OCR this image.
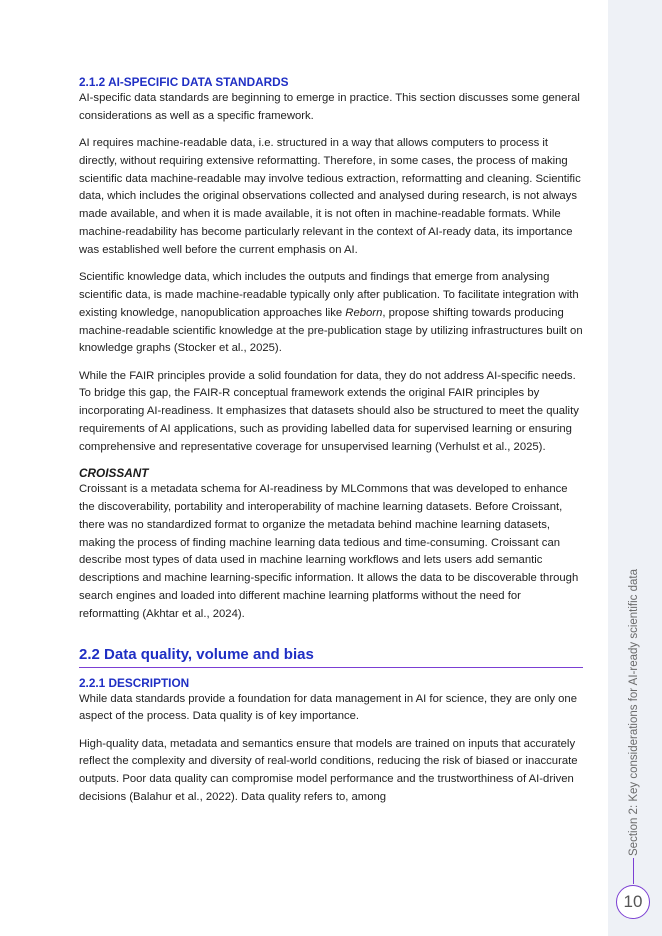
Section 2: Key considerations for AI-ready scientific data
10
2.1.2 AI-SPECIFIC DATA STANDARDS

AI-specific data standards are beginning to emerge in practice. This section discusses some general considerations as well as a specific framework.

AI requires machine-readable data, i.e. structured in a way that allows computers to process it directly, without requiring extensive reformatting. Therefore, in some cases, the process of making scientific data machine-readable may involve tedious extraction, reformatting and cleaning. Scientific data, which includes the original observations collected and analysed during research, is not always made available, and when it is made available, it is not often in machine-readable formats. While machine-readability has become particularly relevant in the context of AI-ready data, its importance was established well before the current emphasis on AI.

Scientific knowledge data, which includes the outputs and findings that emerge from analysing scientific data, is made machine-readable typically only after publication. To facilitate integration with existing knowledge, nanopublication approaches like Reborn, propose shifting towards producing machine-readable scientific knowledge at the pre-publication stage by utilizing infrastructures built on knowledge graphs (Stocker et al., 2025).

While the FAIR principles provide a solid foundation for data, they do not address AI-specific needs. To bridge this gap, the FAIR-R conceptual framework extends the original FAIR principles by incorporating AI-readiness. It emphasizes that datasets should also be structured to meet the quality requirements of AI applications, such as providing labelled data for supervised learning or ensuring comprehensive and representative coverage for unsupervised learning (Verhulst et al., 2025).

CROISSANT

Croissant is a metadata schema for AI-readiness by MLCommons that was developed to enhance the discoverability, portability and interoperability of machine learning datasets. Before Croissant, there was no standardized format to organize the metadata behind machine learning datasets, making the process of finding machine learning data tedious and time-consuming. Croissant can describe most types of data used in machine learning workflows and lets users add semantic descriptions and machine learning-specific information. It allows the data to be discoverable through search engines and loaded into different machine learning platforms without the need for reformatting (Akhtar et al., 2024).

2.2 Data quality, volume and bias
2.2.1 DESCRIPTION

While data standards provide a foundation for data management in AI for science, they are only one aspect of the process. Data quality is of key importance.

High-quality data, metadata and semantics ensure that models are trained on inputs that accurately reflect the complexity and diversity of real-world conditions, reducing the risk of biased or inaccurate outputs. Poor data quality can compromise model performance and the trustworthiness of AI-driven decisions (Balahur et al., 2022). Data quality refers to, among
